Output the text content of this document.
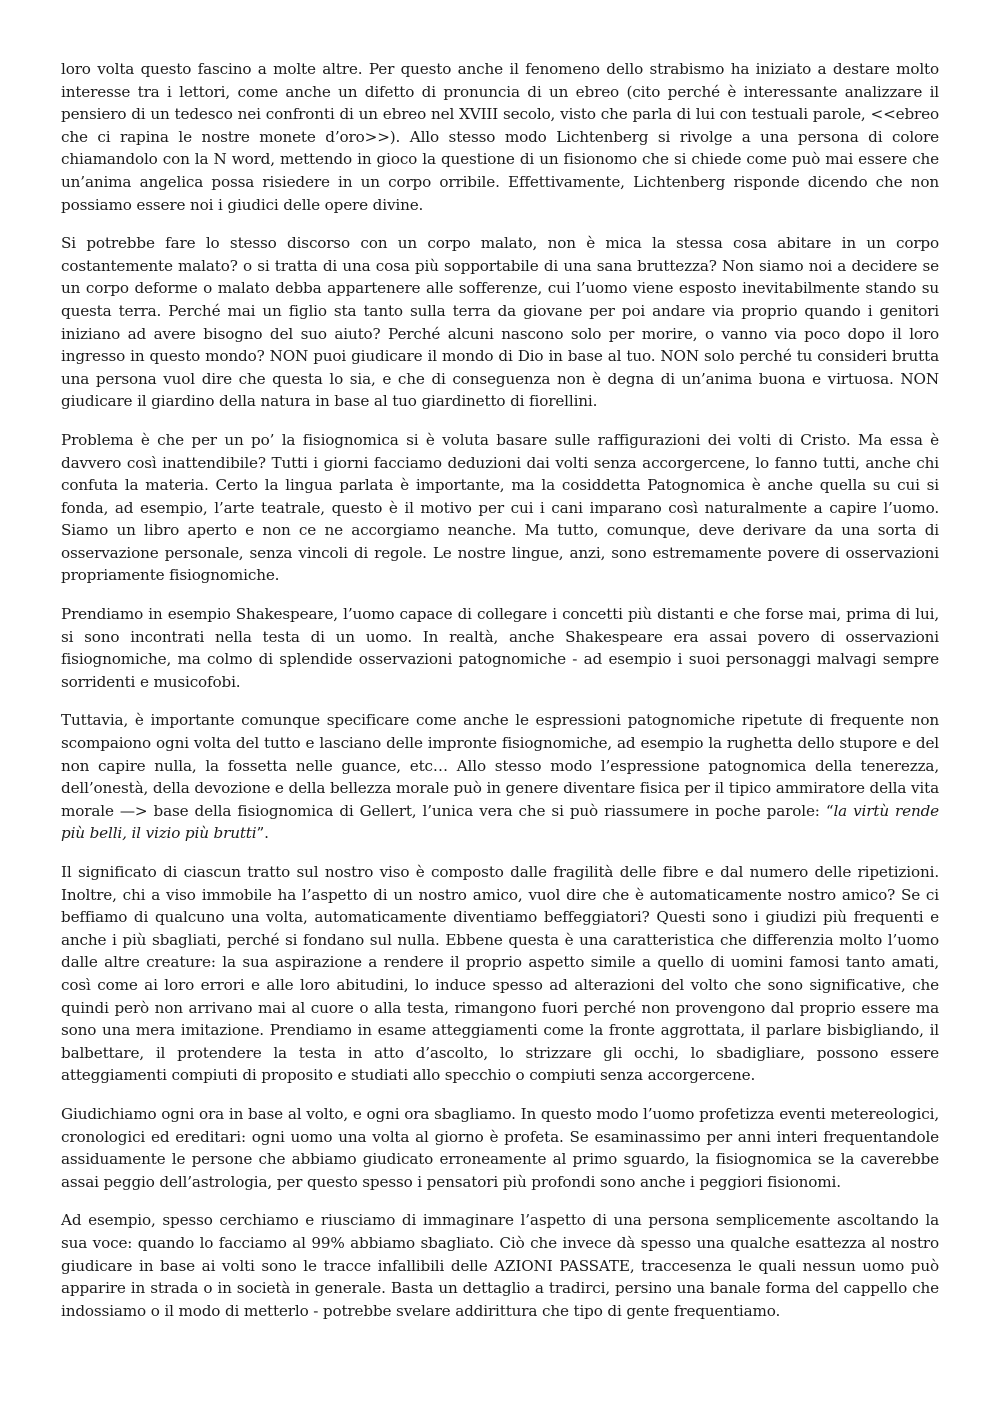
loro volta questo fascino a molte altre. Per questo anche il fenomeno dello strabismo ha iniziato a destare molto interesse tra i lettori, come anche un difetto di pronuncia di un ebreo (cito perché è interessante analizzare il pensiero di un tedesco nei confronti di un ebreo nel XVIII secolo, visto che parla di lui con testuali parole, <<ebreo che ci rapina le nostre monete d’oro>>). Allo stesso modo Lichtenberg si rivolge a una persona di colore chiamandolo con la N word, mettendo in gioco la questione di un fisionomo che si chiede come può mai essere che un’anima angelica possa risiedere in un corpo orribile. Effettivamente, Lichtenberg risponde dicendo che non possiamo essere noi i giudici delle opere divine.

Si potrebbe fare lo stesso discorso con un corpo malato, non è mica la stessa cosa abitare in un corpo costantemente malato? o si tratta di una cosa più sopportabile di una sana bruttezza? Non siamo noi a decidere se un corpo deforme o malato debba appartenere alle sofferenze, cui l’uomo viene esposto inevitabilmente stando su questa terra. Perché mai un figlio sta tanto sulla terra da giovane per poi andare via proprio quando i genitori iniziano ad avere bisogno del suo aiuto? Perché alcuni nascono solo per morire, o vanno via poco dopo il loro ingresso in questo mondo? NON puoi giudicare il mondo di Dio in base al tuo. NON solo perché tu consideri brutta una persona vuol dire che questa lo sia, e che di conseguenza non è degna di un’anima buona e virtuosa. NON giudicare il giardino della natura in base al tuo giardinetto di fiorellini.

Problema è che per un po’ la fisiognomica si è voluta basare sulle raffigurazioni dei volti di Cristo. Ma essa è davvero così inattendibile? Tutti i giorni facciamo deduzioni dai volti senza accorgercene, lo fanno tutti, anche chi confuta la materia. Certo la lingua parlata è importante, ma la cosiddetta Patognomica è anche quella su cui si fonda, ad esempio, l’arte teatrale, questo è il motivo per cui i cani imparano così naturalmente a capire l’uomo. Siamo un libro aperto e non ce ne accorgiamo neanche. Ma tutto, comunque, deve derivare da una sorta di osservazione personale, senza vincoli di regole. Le nostre lingue, anzi, sono estremamente povere di osservazioni propriamente fisiognomiche.

Prendiamo in esempio Shakespeare, l’uomo capace di collegare i concetti più distanti e che forse mai, prima di lui, si sono incontrati nella testa di un uomo. In realtà, anche Shakespeare era assai povero di osservazioni fisiognomiche, ma colmo di splendide osservazioni patognomiche - ad esempio i suoi personaggi malvagi sempre sorridenti e musicofobi.

Tuttavia, è importante comunque specificare come anche le espressioni patognomiche ripetute di frequente non scompaiono ogni volta del tutto e lasciano delle impronte fisiognomiche, ad esempio la rughetta dello stupore e del non capire nulla, la fossetta nelle guance, etc… Allo stesso modo l’espressione patognomica della tenerezza, dell’onestà, della devozione e della bellezza morale può in genere diventare fisica per il tipico ammiratore della vita morale —> base della fisiognomica di Gellert, l’unica vera che si può riassumere in poche parole: “la virtù rende più belli, il vizio più brutti”.

Il significato di ciascun tratto sul nostro viso è composto dalle fragilità delle fibre e dal numero delle ripetizioni. Inoltre, chi a viso immobile ha l’aspetto di un nostro amico, vuol dire che è automaticamente nostro amico? Se ci beffiamo di qualcuno una volta, automaticamente diventiamo beffeggiatori? Questi sono i giudizi più frequenti e anche i più sbagliati, perché si fondano sul nulla. Ebbene questa è una caratteristica che differenzia molto l’uomo dalle altre creature: la sua aspirazione a rendere il proprio aspetto simile a quello di uomini famosi tanto amati, così come ai loro errori e alle loro abitudini, lo induce spesso ad alterazioni del volto che sono significative, che quindi però non arrivano mai al cuore o alla testa, rimangono fuori perché non provengono dal proprio essere ma sono una mera imitazione. Prendiamo in esame atteggiamenti come la fronte aggrottata, il parlare bisbigliando, il balbettare, il protendere la testa in atto d’ascolto, lo strizzare gli occhi, lo sbadigliare, possono essere atteggiamenti compiuti di proposito e studiati allo specchio o compiuti senza accorgercene.

Giudichiamo ogni ora in base al volto, e ogni ora sbagliamo. In questo modo l’uomo profetizza eventi metereologici, cronologici ed ereditari: ogni uomo una volta al giorno è profeta. Se esaminassimo per anni interi frequentandole assiduamente le persone che abbiamo giudicato erroneamente al primo sguardo, la fisiognomica se la caverebbe assai peggio dell’astrologia, per questo spesso i pensatori più profondi sono anche i peggiori fisionomi.

Ad esempio, spesso cerchiamo e riusciamo di immaginare l’aspetto di una persona semplicemente ascoltando la sua voce: quando lo facciamo al 99% abbiamo sbagliato. Ciò che invece dà spesso una qualche esattezza al nostro giudicare in base ai volti sono le tracce infallibili delle AZIONI PASSATE, traccesenza le quali nessun uomo può apparire in strada o in società in generale. Basta un dettaglio a tradirci, persino una banale forma del cappello che indossiamo o il modo di metterlo - potrebbe svelare addirittura che tipo di gente frequentiamo.
